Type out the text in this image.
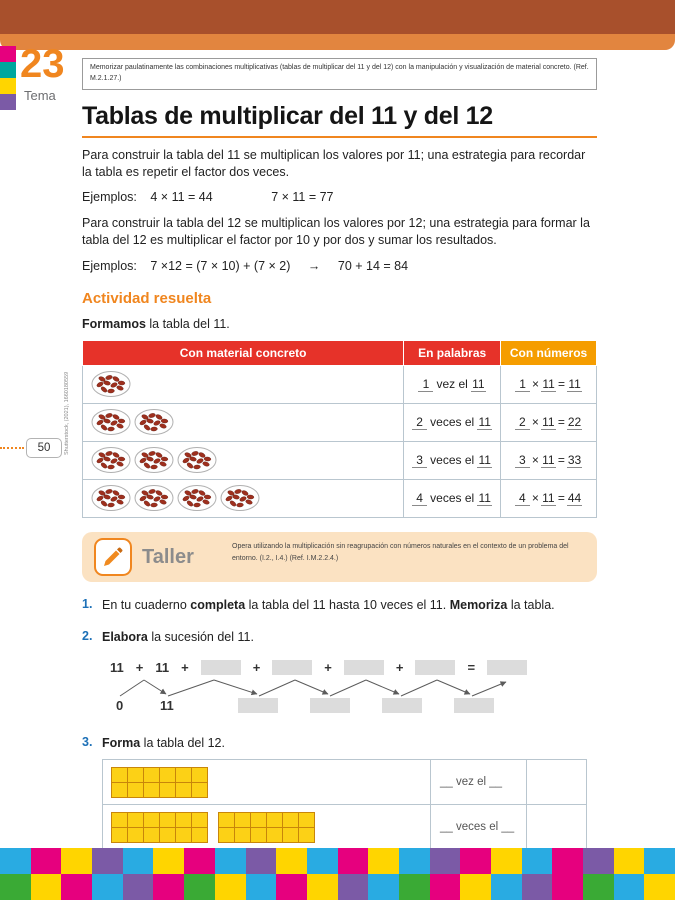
23
Tema
Memorizar paulatinamente las combinaciones multiplicativas (tablas de multiplicar del 11 y del 12) con la manipulación y visualización de material concreto. (Ref. M.2.1.27.)
Tablas de multiplicar del 11 y del 12

Para construir la tabla del 11 se multiplican los valores por 11; una estrategia para recordar la tabla es repetir el factor dos veces.

Ejemplos: 4 × 11 = 44	7 × 11 = 77

Para construir la tabla del 12 se multiplican los valores por 12; una estrategia para formar la tabla del 12 es multiplicar el factor por 10 y por dos y sumar los resultados.

Ejemplos: 7 ×12 = (7 × 10) + (7 × 2) → 70 + 14 = 84

Actividad resuelta

Formamos la tabla del 11.

Con material concreto	En palabras	Con números
	1 vez el 11	1 × 11 = 11
	2 veces el 11	2 × 11 = 22
	3 veces el 11	3 × 11 = 33
	4 veces el 11	4 × 11 = 44
Taller	Opera utilizando la multiplicación sin reagrupación con números naturales en el contexto de un problema del entorno. (I.2., I.4.) (Ref. I.M.2.2.4.)
1. En tu cuaderno completa la tabla del 11 hasta 10 veces el 11. Memoriza la tabla.

2. Elabora la sucesión del 11.

11 + 11 +	+	+	+	=
0	11
3. Forma la tabla del 12.

	__ vez el __	

	__ veces el __	

50	Shutterstock, (2021), 1660180559
